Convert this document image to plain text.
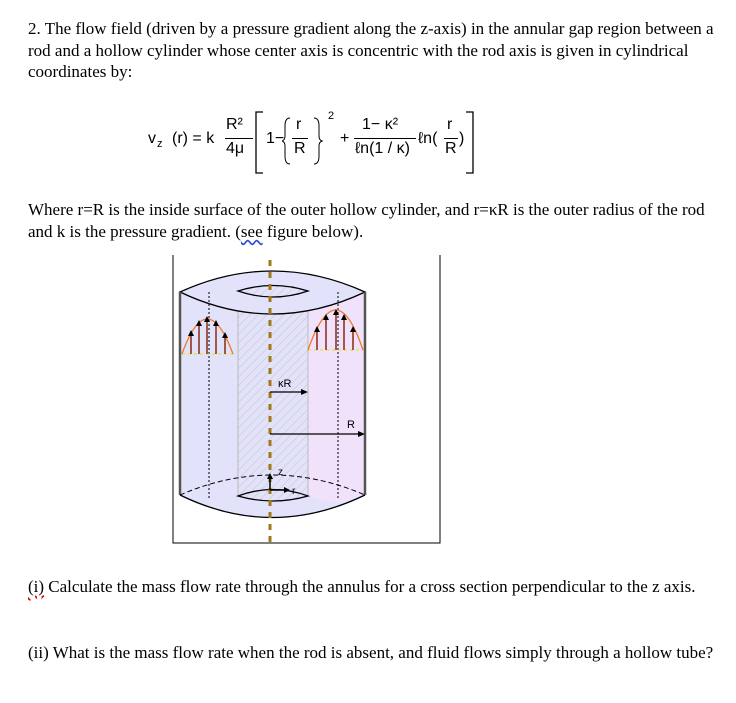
2. The flow field (driven by a pressure gradient along the z-axis) in the annular gap region between a rod and a hollow cylinder whose center axis is concentric with the rod axis is given in cylindrical coordinates by:
v z (r) = k
R²
4μ
1−
r
R
2
+
1− κ²
ℓn(1 / κ)
ℓn(
r
R
)
Where r=R is the inside surface of the outer hollow cylinder, and r=κR is the outer radius of the rod and k is the pressure gradient. (see figure below).
κR
R
z
r
(i) Calculate the mass flow rate through the annulus for a cross section perpendicular to the z axis.
(ii) What is the mass flow rate when the rod is absent, and fluid flows simply through a hollow tube?
